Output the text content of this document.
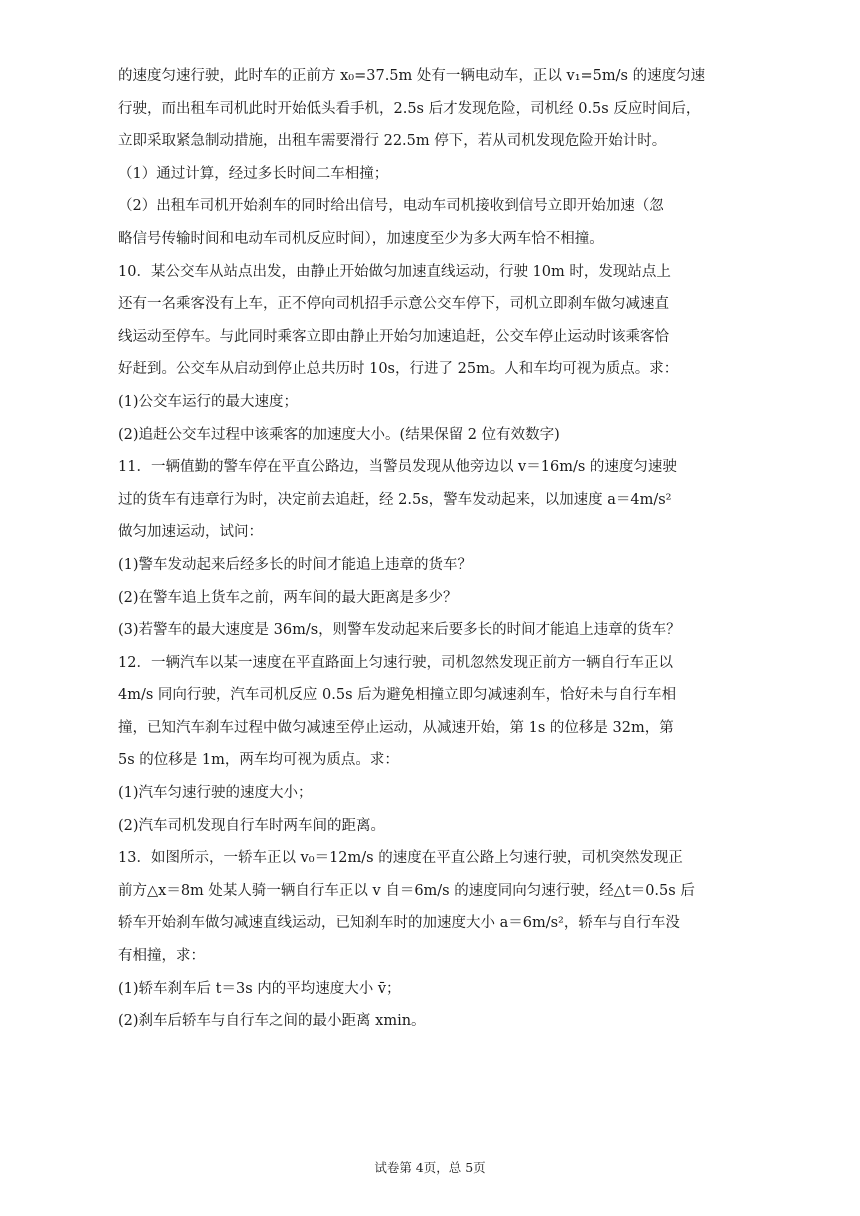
的速度匀速行驶，此时车的正前方 x₀=37.5m 处有一辆电动车，正以 v₁=5m/s 的速度匀速
行驶，而出租车司机此时开始低头看手机，2.5s 后才发现危险，司机经 0.5s 反应时间后，
立即采取紧急制动措施，出租车需要滑行 22.5m 停下，若从司机发现危险开始计时。
（1）通过计算，经过多长时间二车相撞；
（2）出租车司机开始刹车的同时给出信号，电动车司机接收到信号立即开始加速（忽
略信号传输时间和电动车司机反应时间），加速度至少为多大两车恰不相撞。
10．某公交车从站点出发，由静止开始做匀加速直线运动，行驶 10m 时，发现站点上
还有一名乘客没有上车，正不停向司机招手示意公交车停下，司机立即刹车做匀减速直
线运动至停车。与此同时乘客立即由静止开始匀加速追赶，公交车停止运动时该乘客恰
好赶到。公交车从启动到停止总共历时 10s，行进了 25m。人和车均可视为质点。求：
(1)公交车运行的最大速度；
(2)追赶公交车过程中该乘客的加速度大小。(结果保留 2 位有效数字)
11．一辆值勤的警车停在平直公路边，当警员发现从他旁边以 v＝16m/s 的速度匀速驶
过的货车有违章行为时，决定前去追赶，经 2.5s，警车发动起来，以加速度 a＝4m/s²
做匀加速运动，试问：
(1)警车发动起来后经多长的时间才能追上违章的货车？
(2)在警车追上货车之前，两车间的最大距离是多少？
(3)若警车的最大速度是 36m/s，则警车发动起来后要多长的时间才能追上违章的货车？
12．一辆汽车以某一速度在平直路面上匀速行驶，司机忽然发现正前方一辆自行车正以
4m/s 同向行驶，汽车司机反应 0.5s 后为避免相撞立即匀减速刹车，恰好未与自行车相
撞，已知汽车刹车过程中做匀减速至停止运动，从减速开始，第 1s 的位移是 32m，第
5s 的位移是 1m，两车均可视为质点。求：
(1)汽车匀速行驶的速度大小；
(2)汽车司机发现自行车时两车间的距离。
13．如图所示，一轿车正以 v₀＝12m/s 的速度在平直公路上匀速行驶，司机突然发现正
前方△x＝8m 处某人骑一辆自行车正以 v 自＝6m/s 的速度同向匀速行驶，经△t＝0.5s 后
轿车开始刹车做匀减速直线运动，已知刹车时的加速度大小 a＝6m/s²，轿车与自行车没
有相撞，求：
(1)轿车刹车后 t＝3s 内的平均速度大小 v̄；
(2)刹车后轿车与自行车之间的最小距离 xmin。
试卷第 4页，总 5页
